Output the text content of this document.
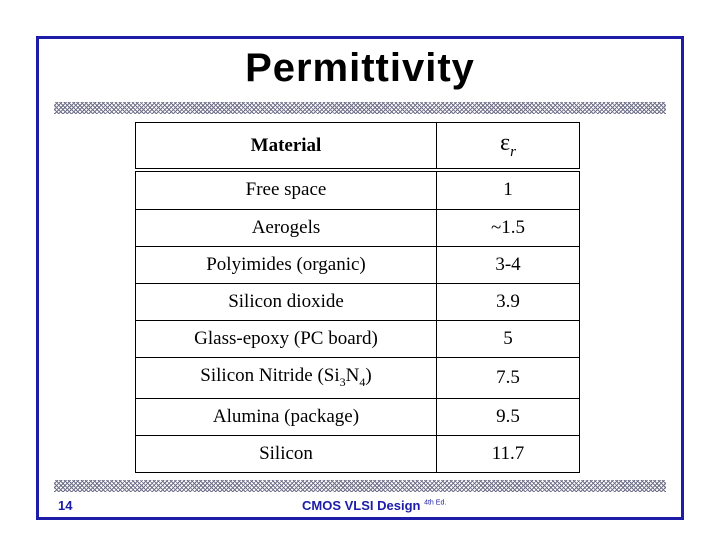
Permittivity
Material	$\varepsilon_r$
Free space	1
Aerogels	~1.5
Polyimides (organic)	3-4
Silicon dioxide	3.9
Glass-epoxy (PC board)	5
Silicon Nitride $(Si_3N_4)$	7.5
Alumina (package)	9.5
Silicon	11.7
14	CMOS VLSI Design $^{4th Ed.}$
